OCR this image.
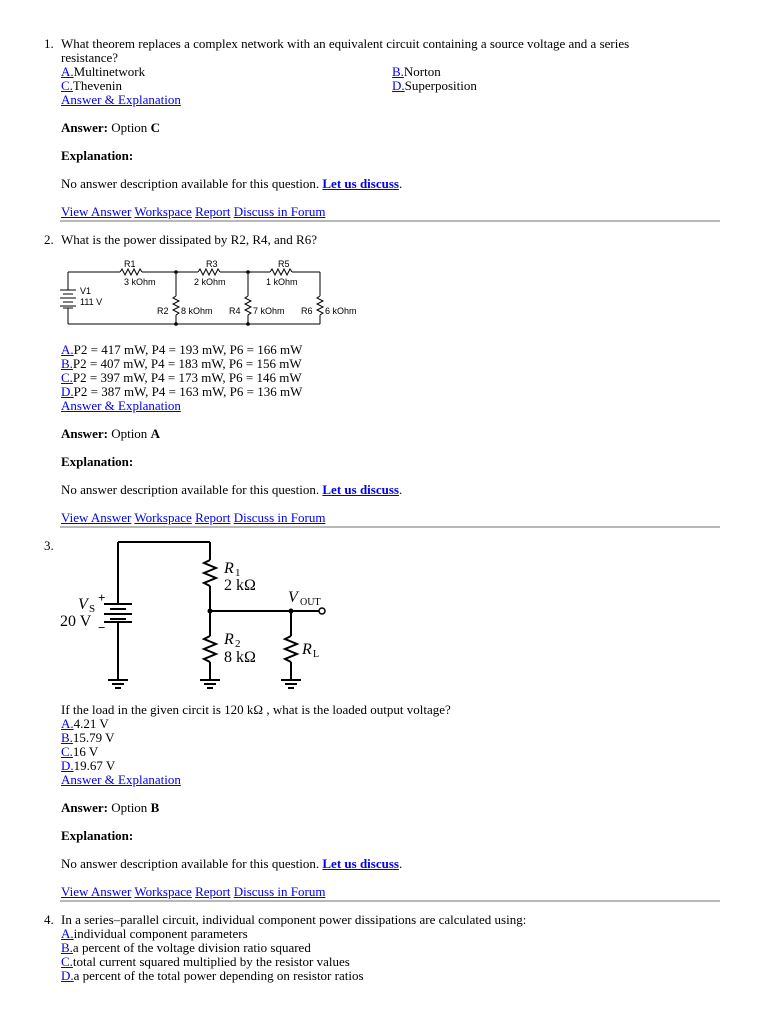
1. What theorem replaces a complex network with an equivalent circuit containing a source voltage and a series
resistance?
A.Multinetwork	B.Norton
C.Thevenin	D.Superposition
Answer & Explanation
Answer: Option C
Explanation:
No answer description available for this question. Let us discuss.
View Answer Workspace Report Discuss in Forum
2. What is the power dissipated by R2, R4, and R6?
R1
3 kOhm
R3
2 kOhm
R5
1 kOhm
V1
111 V
R2 8 kOhm R4 7 kOhm R6 6 kOhm
A.P2 = 417 mW, P4 = 193 mW, P6 = 166 mW
B.P2 = 407 mW, P4 = 183 mW, P6 = 156 mW
C.P2 = 397 mW, P4 = 173 mW, P6 = 146 mW
D.P2 = 387 mW, P4 = 163 mW, P6 = 136 mW
Answer & Explanation
Answer: Option A
Explanation:
No answer description available for this question. Let us discuss.
View Answer Workspace Report Discuss in Forum
3.
+
−
V S
20 V
R 1
2 kΩ
R 2
8 kΩ
V OUT
R L
If the load in the given circit is 120 kΩ , what is the loaded output voltage?
A.4.21 V
B.15.79 V
C.16 V
D.19.67 V
Answer & Explanation
Answer: Option B
Explanation:
No answer description available for this question. Let us discuss.
View Answer Workspace Report Discuss in Forum
4. In a series–parallel circuit, individual component power dissipations are calculated using:
A.individual component parameters
B.a percent of the voltage division ratio squared
C.total current squared multiplied by the resistor values
D.a percent of the total power depending on resistor ratios
